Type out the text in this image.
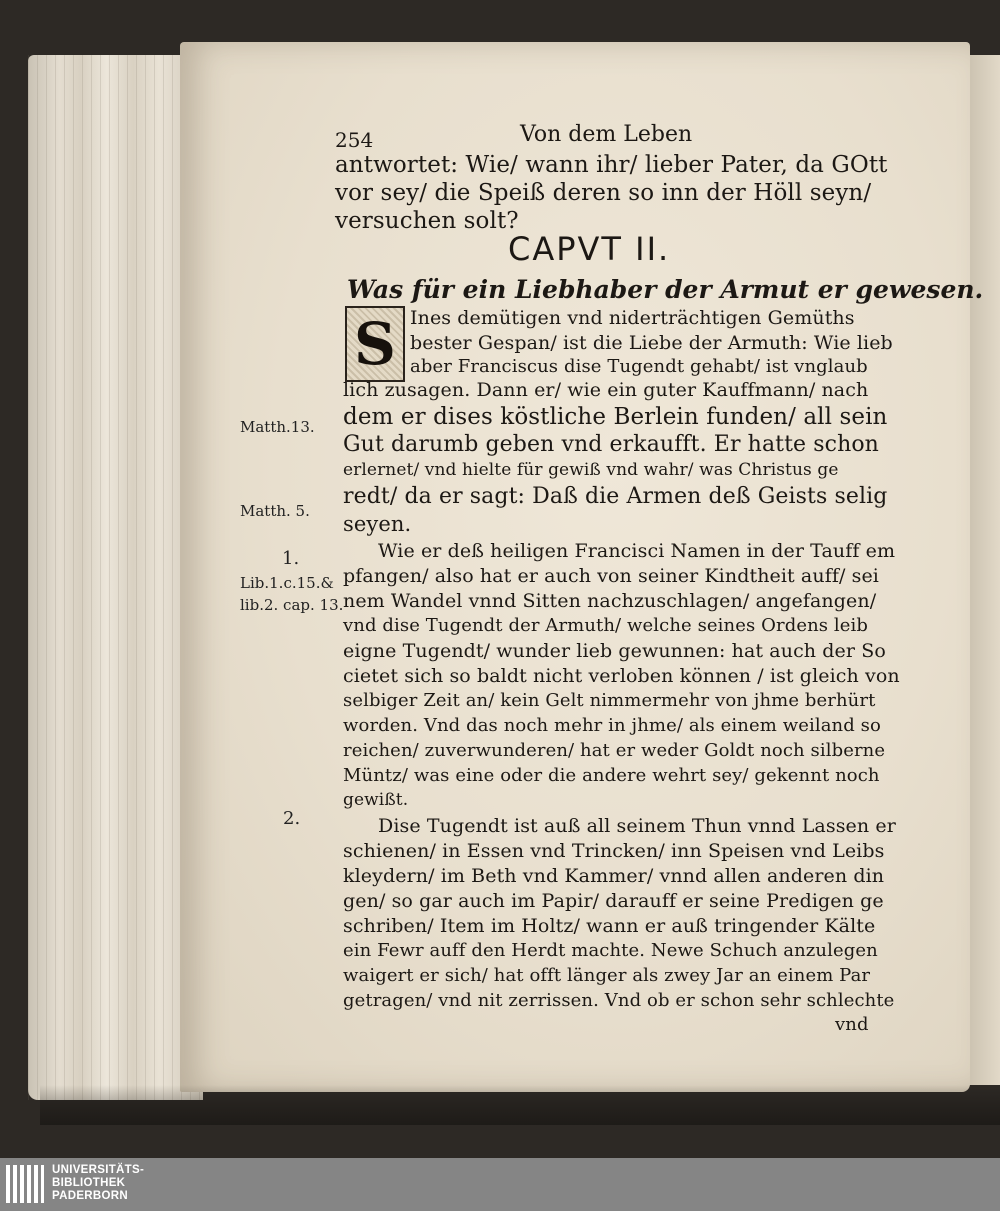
254	Von dem Leben
antwortet: Wie/ wann ihr/ lieber Pater, da GOtt
vor sey/ die Speiß deren so inn der Höll seyn/
versuchen solt?
CAPVT II.
Was für ein Liebhaber der Armut er gewesen.
S Ines demütigen vnd niderträchtigen Gemüths
bester Gespan/ ist die Liebe der Armuth: Wie lieb
aber Franciscus dise Tugendt gehabt/ ist vnglaub
lich zusagen. Dann er/ wie ein guter Kauffmann/ nach
dem er dises köstliche Berlein funden/ all sein
Gut darumb geben vnd erkaufft. Er hatte schon
erlernet/ vnd hielte für gewiß vnd wahr/ was Christus ge
redt/ da er sagt: Daß die Armen deß Geists selig
seyen.
Wie er deß heiligen Francisci Namen in der Tauff em
pfangen/ also hat er auch von seiner Kindtheit auff/ sei
nem Wandel vnnd Sitten nachzuschlagen/ angefangen/
vnd dise Tugendt der Armuth/ welche seines Ordens leib
eigne Tugendt/ wunder lieb gewunnen: hat auch der So
cietet sich so baldt nicht verloben können / ist gleich von
selbiger Zeit an/ kein Gelt nimmermehr von jhme berhürt
worden. Vnd das noch mehr in jhme/ als einem weiland so
reichen/ zuverwunderen/ hat er weder Goldt noch silberne
Müntz/ was eine oder die andere wehrt sey/ gekennt noch
gewißt.
Dise Tugendt ist auß all seinem Thun vnnd Lassen er
schienen/ in Essen vnd Trincken/ inn Speisen vnd Leibs
kleydern/ im Beth vnd Kammer/ vnnd allen anderen din
gen/ so gar auch im Papir/ darauff er seine Predigen ge
schriben/ Item im Holtz/ wann er auß tringender Kälte
ein Fewr auff den Herdt machte. Newe Schuch anzulegen
waigert er sich/ hat offt länger als zwey Jar an einem Par
getragen/ vnd nit zerrissen. Vnd ob er schon sehr schlechte
vnd
Matth.13.
Matth. 5.
1.
Lib.1.c.15.&
lib.2. cap. 13.
2.
UNIVERSITÄTS-
BIBLIOTHEK
PADERBORN
